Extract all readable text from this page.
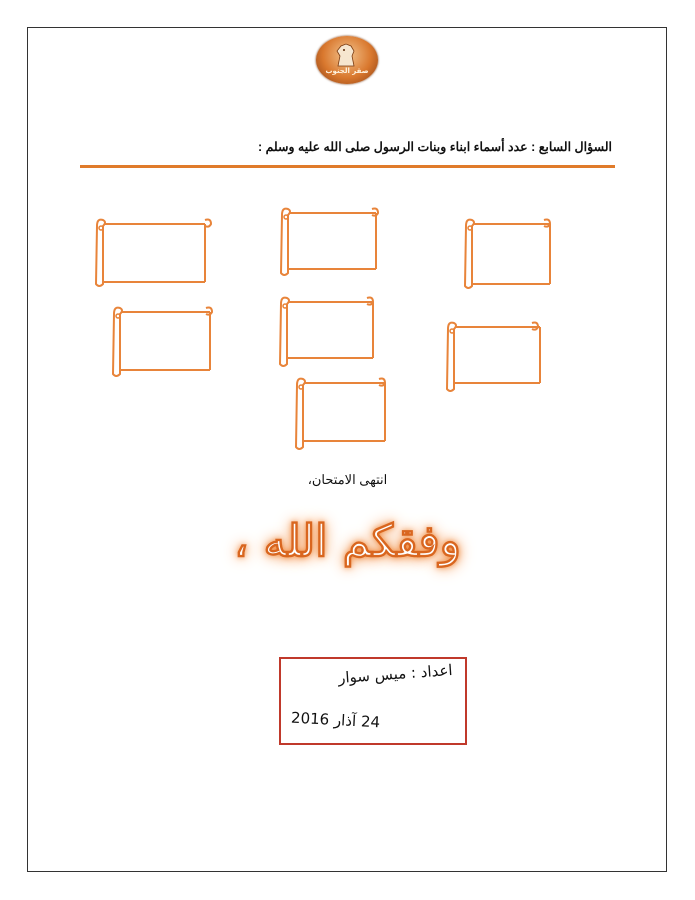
صقر الجنوب
السؤال السابع : عدد أسماء ابناء وبنات الرسول صلى الله عليه وسلم :
انتهى الامتحان،
وفقكم الله ،
اعداد : ميس سوار
24 آذار 2016
